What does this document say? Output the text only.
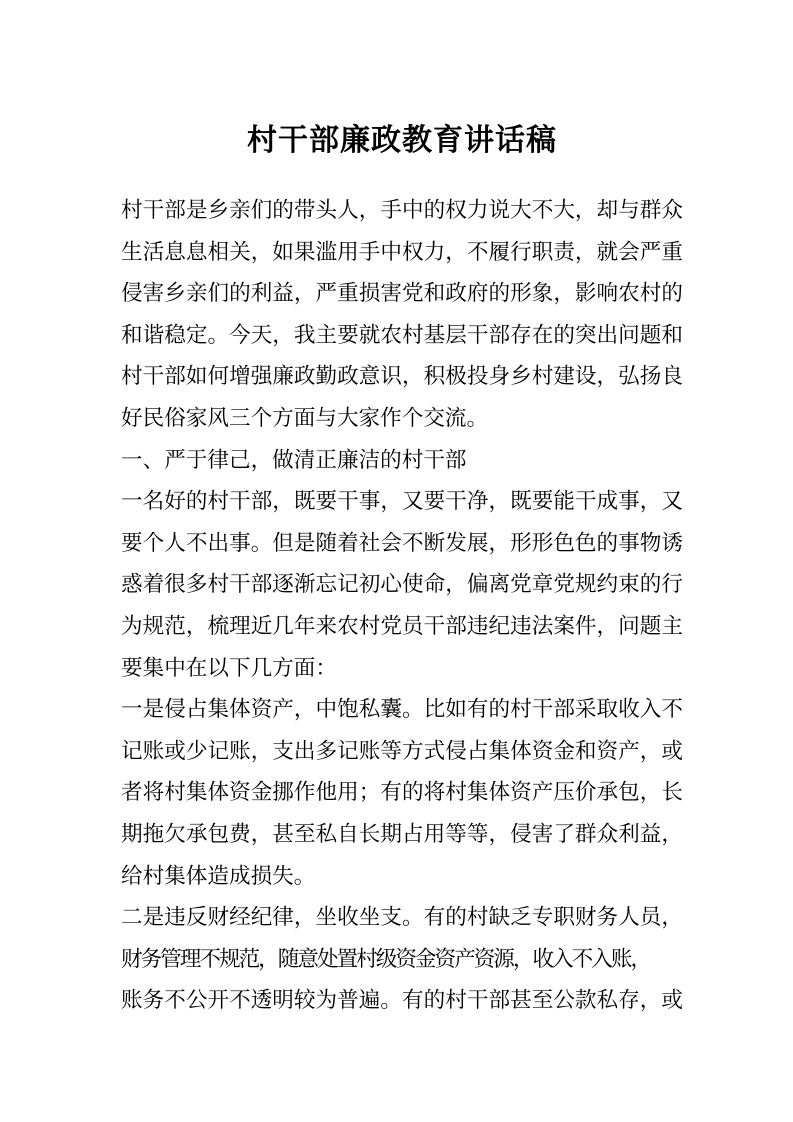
村干部廉政教育讲话稿
村干部是乡亲们的带头人，手中的权力说大不大，却与群众
生活息息相关，如果滥用手中权力，不履行职责，就会严重
侵害乡亲们的利益，严重损害党和政府的形象，影响农村的
和谐稳定。今天，我主要就农村基层干部存在的突出问题和
村干部如何增强廉政勤政意识，积极投身乡村建设，弘扬良
好民俗家风三个方面与大家作个交流。
一、严于律己，做清正廉洁的村干部
一名好的村干部，既要干事，又要干净，既要能干成事，又
要个人不出事。但是随着社会不断发展，形形色色的事物诱
惑着很多村干部逐渐忘记初心使命，偏离党章党规约束的行
为规范，梳理近几年来农村党员干部违纪违法案件，问题主
要集中在以下几方面：
一是侵占集体资产，中饱私囊。比如有的村干部采取收入不
记账或少记账，支出多记账等方式侵占集体资金和资产，或
者将村集体资金挪作他用；有的将村集体资产压价承包，长
期拖欠承包费，甚至私自长期占用等等，侵害了群众利益，
给村集体造成损失。
二是违反财经纪律，坐收坐支。有的村缺乏专职财务人员，
财务管理不规范，随意处置村级资金资产资源，收入不入账，
账务不公开不透明较为普遍。有的村干部甚至公款私存，或
